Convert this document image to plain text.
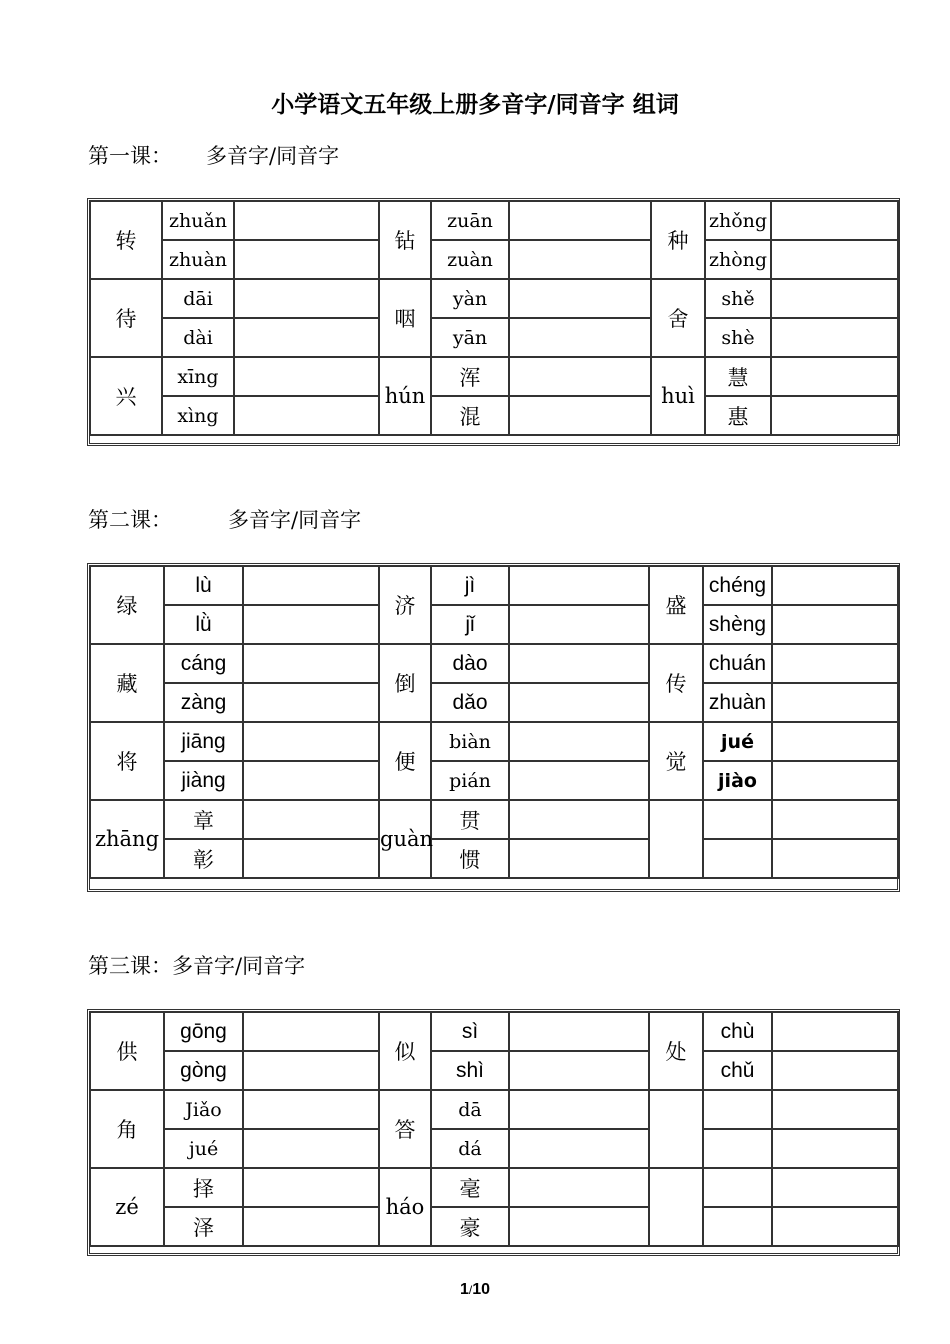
小学语文五年级上册多音字/同音字 组词
第一课： 多音字/同音字
转	zhuǎn		钻	zuān		种	zhǒng	
	zhuàn			zuàn			zhòng	
待	dāi		咽	yàn		舍	shě	
	dài			yān			shè	
兴	xīng		hún	浑		huì	慧	
	xìng			混			惠	
第二课：	多音字/同音字
绿	lù		济	jì		盛	chéng	
	lǜ			jǐ			shèng	
藏	cáng		倒	dào		传	chuán	
	zàng			dǎo			zhuàn	
将	jiāng		便	biàn		觉	jué	
	jiàng			pián			jiào	
zhāng	章		guàn	贯				
	彰			惯				
第三课：多音字/同音字
供	gōng		似	sì		处	chù	
	gòng			shì			chǔ	
角	Jiǎo		答	dā				
	jué			dá				
zé	择		háo	毫				
	泽			豪				
1/10
